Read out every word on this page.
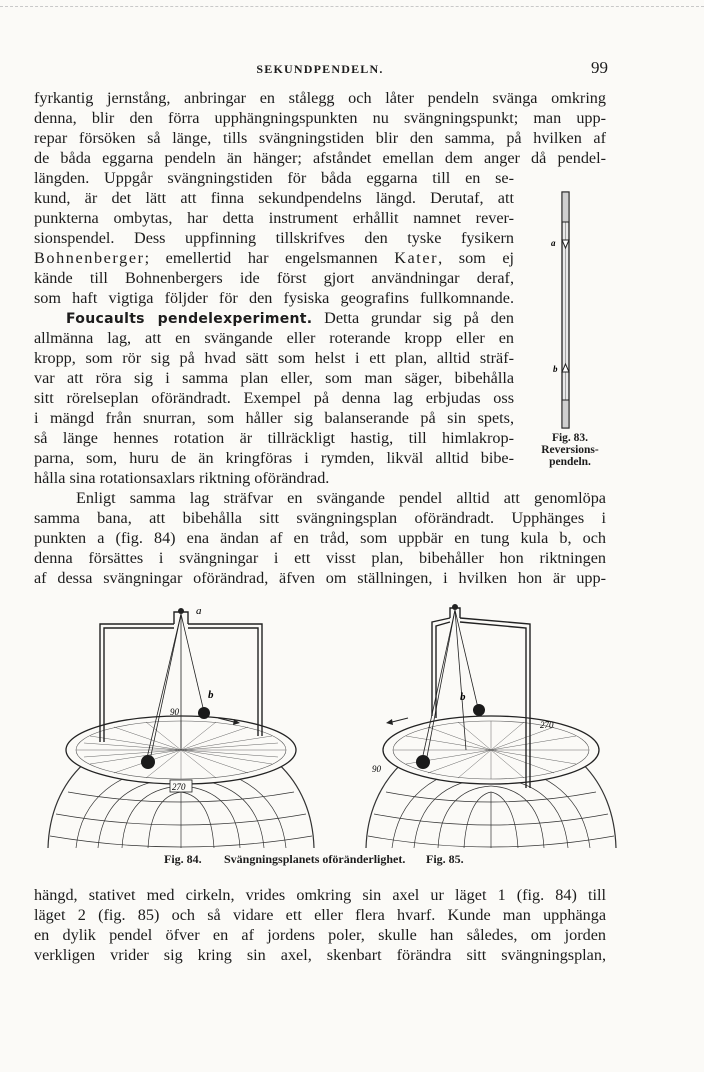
SEKUNDPENDELN.	99
fyrkantig jernstång, anbringar en stålegg och låter pendeln svänga omkring
denna, blir den förra upphängningspunkten nu svängningspunkt; man upp-
repar försöken så länge, tills svängningstiden blir den samma, på hvilken af
de båda eggarna pendeln än hänger; afståndet emellan dem anger då pendel-
längden. Uppgår svängningstiden för båda eggarna till en se-
kund, är det lätt att finna sekundpendelns längd. Derutaf, att
punkterna ombytas, har detta instrument erhållit namnet rever-
sionspendel. Dess uppfinning tillskrifves den tyske fysikern
Bohnenberger; emellertid har engelsmannen Kater, som ej
kände till Bohnenbergers ide först gjort användningar deraf,
som haft vigtiga följder för den fysiska geografins fullkomnande.
Foucaults pendelexperiment. Detta grundar sig på den
allmänna lag, att en svängande eller roterande kropp eller en
kropp, som rör sig på hvad sätt som helst i ett plan, alltid sträf-
var att röra sig i samma plan eller, som man säger, bibehålla
sitt rörelseplan oförändradt. Exempel på denna lag erbjudas oss
i mängd från snurran, som håller sig balanserande på sin spets,
så länge hennes rotation är tillräckligt hastig, till himlakrop-
parna, som, huru de än kringföras i rymden, likväl alltid bibe-
hålla sina rotationsaxlars riktning oförändrad.
Enligt samma lag sträfvar en svängande pendel alltid att genomlöpa
samma bana, att bibehålla sitt svängningsplan oförändradt. Upphänges i
punkten a (fig. 84) ena ändan af en tråd, som uppbär en tung kula b, och
denna försättes i svängningar i ett visst plan, bibehåller hon riktningen
af dessa svängningar oförändrad, äfven om ställningen, i hvilken hon är upp-
hängd, stativet med cirkeln, vrides omkring sin axel ur läget 1 (fig. 84) till
läget 2 (fig. 85) och så vidare ett eller flera hvarf. Kunde man upphänga
en dylik pendel öfver en af jordens poler, skulle han således, om jorden
verkligen vrider sig kring sin axel, skenbart förändra sitt svängningsplan,
a
b
Fig. 83.
Reversions-
pendeln.
a
b
90
270
b
90
270
Fig. 84. Svängningsplanets oföränderlighet. Fig. 85.
